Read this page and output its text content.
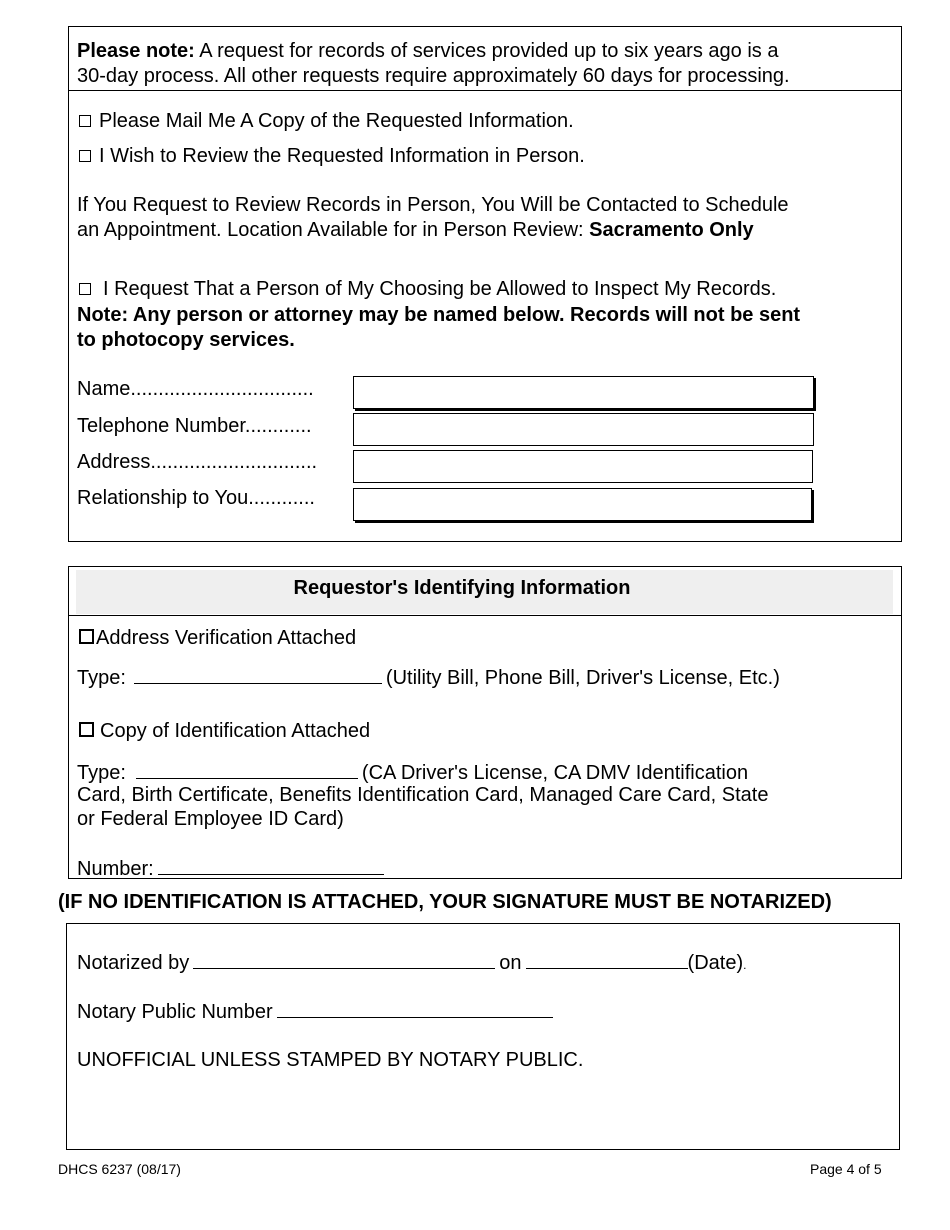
Please note: A request for records of services provided up to six years ago is a
30-day process. All other requests require approximately 60 days for processing.
Please Mail Me A Copy of the Requested Information.
I Wish to Review the Requested Information in Person.
If You Request to Review Records in Person, You Will be Contacted to Schedule
an Appointment. Location Available for in Person Review: Sacramento Only
I Request That a Person of My Choosing be Allowed to Inspect My Records.
Note: Any person or attorney may be named below. Records will not be sent
to photocopy services.
Name.................................
Telephone Number............
Address..............................
Relationship to You............
Requestor's Identifying Information
Address Verification Attached
Type:	(Utility Bill, Phone Bill, Driver's License, Etc.)
Copy of Identification Attached
Type:	(CA Driver's License, CA DMV Identification
Card, Birth Certificate, Benefits Identification Card, Managed Care Card, State
or Federal Employee ID Card)
Number:
(IF NO IDENTIFICATION IS ATTACHED, YOUR SIGNATURE MUST BE NOTARIZED)
Notarized by	on	(Date).
Notary Public Number
UNOFFICIAL UNLESS STAMPED BY NOTARY PUBLIC.
DHCS 6237 (08/17)	Page 4 of 5
